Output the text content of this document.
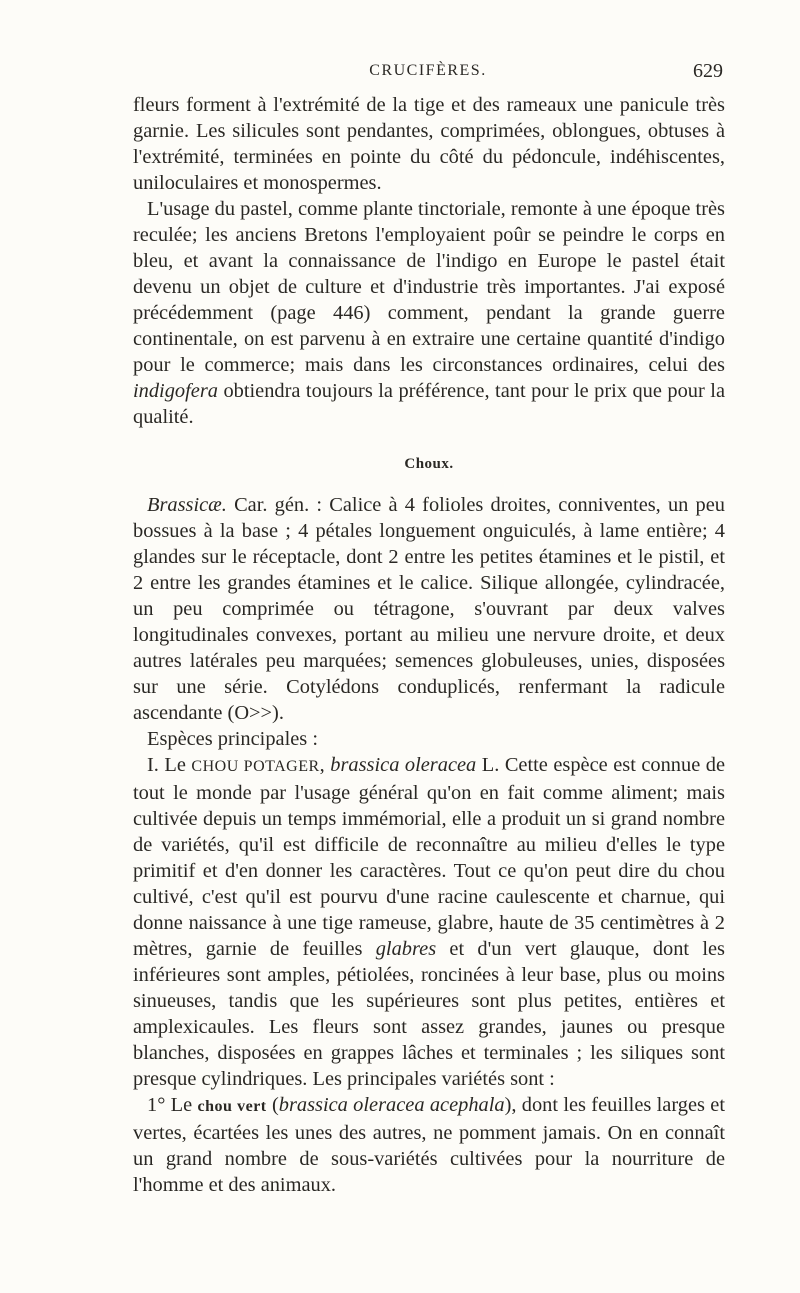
CRUCIFÈRES.	629

fleurs forment à l'extrémité de la tige et des rameaux une panicule très garnie. Les silicules sont pendantes, comprimées, oblongues, obtuses à l'extrémité, terminées en pointe du côté du pédoncule, indéhiscentes, uniloculaires et monospermes.

L'usage du pastel, comme plante tinctoriale, remonte à une époque très reculée; les anciens Bretons l'employaient poûr se peindre le corps en bleu, et avant la connaissance de l'indigo en Europe le pastel était devenu un objet de culture et d'industrie très importantes. J'ai exposé précédemment (page 446) comment, pendant la grande guerre continentale, on est parvenu à en extraire une certaine quantité d'indigo pour le commerce; mais dans les circonstances ordinaires, celui des indigofera obtiendra toujours la préférence, tant pour le prix que pour la qualité.

Choux.

Brassicæ. Car. gén. : Calice à 4 folioles droites, conniventes, un peu bossues à la base ; 4 pétales longuement onguiculés, à lame entière; 4 glandes sur le réceptacle, dont 2 entre les petites étamines et le pistil, et 2 entre les grandes étamines et le calice. Silique allongée, cylindracée, un peu comprimée ou tétragone, s'ouvrant par deux valves longitudinales convexes, portant au milieu une nervure droite, et deux autres latérales peu marquées; semences globuleuses, unies, disposées sur une série. Cotylédons conduplicés, renfermant la radicule ascendante (O>>).

Espèces principales :

I. Le CHOU POTAGER, brassica oleracea L. Cette espèce est connue de tout le monde par l'usage général qu'on en fait comme aliment; mais cultivée depuis un temps immémorial, elle a produit un si grand nombre de variétés, qu'il est difficile de reconnaître au milieu d'elles le type primitif et d'en donner les caractères. Tout ce qu'on peut dire du chou cultivé, c'est qu'il est pourvu d'une racine caulescente et charnue, qui donne naissance à une tige rameuse, glabre, haute de 35 centimètres à 2 mètres, garnie de feuilles glabres et d'un vert glauque, dont les inférieures sont amples, pétiolées, roncinées à leur base, plus ou moins sinueuses, tandis que les supérieures sont plus petites, entières et amplexicaules. Les fleurs sont assez grandes, jaunes ou presque blanches, disposées en grappes lâches et terminales ; les siliques sont presque cylindriques. Les principales variétés sont :

1° Le chou vert (brassica oleracea acephala), dont les feuilles larges et vertes, écartées les unes des autres, ne pomment jamais. On en connaît un grand nombre de sous-variétés cultivées pour la nourriture de l'homme et des animaux.
